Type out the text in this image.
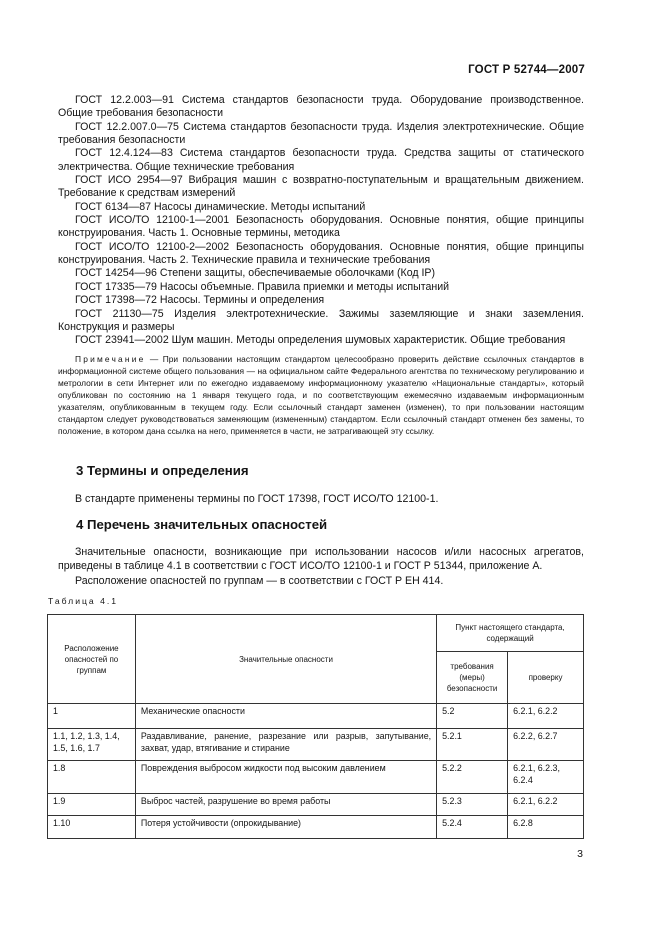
ГОСТ Р 52744—2007

ГОСТ 12.2.003—91 Система стандартов безопасности труда. Оборудование производственное. Общие требования безопасности

ГОСТ 12.2.007.0—75 Система стандартов безопасности труда. Изделия электротехнические. Общие требования безопасности

ГОСТ 12.4.124—83 Система стандартов безопасности труда. Средства защиты от статического электричества. Общие технические требования

ГОСТ ИСО 2954—97 Вибрация машин с возвратно-поступательным и вращательным движением. Требование к средствам измерений

ГОСТ 6134—87 Насосы динамические. Методы испытаний

ГОСТ ИСО/ТО 12100-1—2001 Безопасность оборудования. Основные понятия, общие принципы конструирования. Часть 1. Основные термины, методика

ГОСТ ИСО/ТО 12100-2—2002 Безопасность оборудования. Основные понятия, общие принципы конструирования. Часть 2. Технические правила и технические требования

ГОСТ 14254—96 Степени защиты, обеспечиваемые оболочками (Код IP)

ГОСТ 17335—79 Насосы объемные. Правила приемки и методы испытаний

ГОСТ 17398—72 Насосы. Термины и определения

ГОСТ 21130—75 Изделия электротехнические. Зажимы заземляющие и знаки заземления. Конструкция и размеры

ГОСТ 23941—2002 Шум машин. Методы определения шумовых характеристик. Общие требования

Примечание — При пользовании настоящим стандартом целесообразно проверить действие ссылочных стандартов в информационной системе общего пользования — на официальном сайте Федерального агентства по техническому регулированию и метрологии в сети Интернет или по ежегодно издаваемому информационному указателю «Национальные стандарты», который опубликован по состоянию на 1 января текущего года, и по соответствующим ежемесячно издаваемым информационным указателям, опубликованным в текущем году. Если ссылочный стандарт заменен (изменен), то при пользовании настоящим стандартом следует руководствоваться заменяющим (измененным) стандартом. Если ссылочный стандарт отменен без замены, то положение, в котором дана ссылка на него, применяется в части, не затрагивающей эту ссылку.

3 Термины и определения

В стандарте применены термины по ГОСТ 17398, ГОСТ ИСО/ТО 12100-1.

4 Перечень значительных опасностей

Значительные опасности, возникающие при использовании насосов и/или насосных агрегатов, приведены в таблице 4.1 в соответствии с ГОСТ ИСО/ТО 12100-1 и ГОСТ Р 51344, приложение А.

Расположение опасностей по группам — в соответствии с ГОСТ Р ЕН 414.

Таблица 4.1
Расположение опасностей по группам	Значительные опасности	Пункт настоящего стандарта, содержащий	
		требования (меры) безопасности	проверку
1	Механические опасности	5.2	6.2.1, 6.2.2
1.1, 1.2, 1.3, 1.4, 1.5, 1.6, 1.7	Раздавливание, ранение, разрезание или разрыв, запутывание, захват, удар, втягивание и стирание	5.2.1	6.2.2, 6.2.7
1.8	Повреждения выбросом жидкости под высоким давлением	5.2.2	6.2.1, 6.2.3, 6.2.4
1.9	Выброс частей, разрушение во время работы	5.2.3	6.2.1, 6.2.2
1.10	Потеря устойчивости (опрокидывание)	5.2.4	6.2.8
3
